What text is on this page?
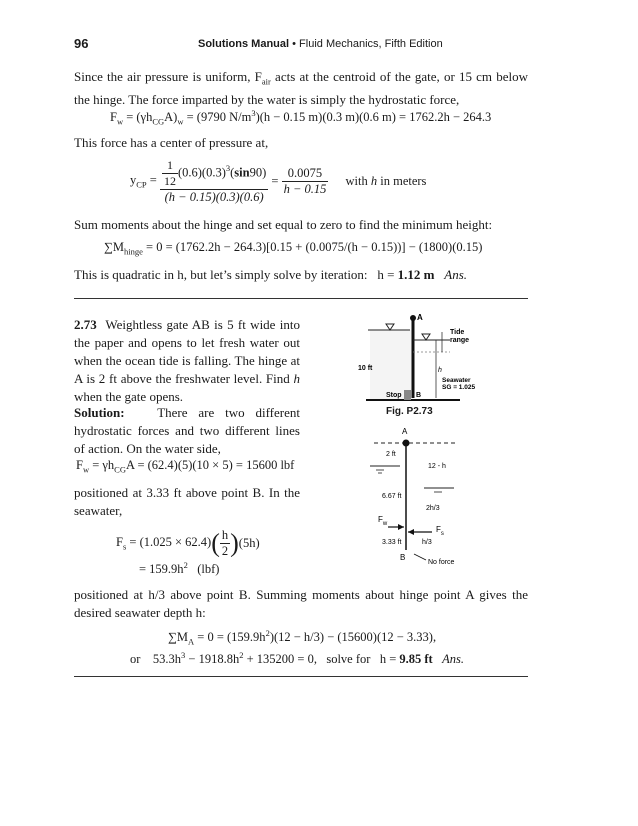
96	Solutions Manual • Fluid Mechanics, Fifth Edition
Since the air pressure is uniform, $F_{air}$ acts at the centroid of the gate, or 15 cm below the hinge. The force imparted by the water is simply the hydrostatic force,
$F_w = (\gamma h_{CG}A)_w = (9790$ $N/m^3)(h - 0.15$ m)(0.3 m)(0.6 m) = 1762.2h − 264.3
This force has a center of pressure at,
$y_{CP} = \frac{\frac{1}{12} (0.6)(0.3)^3(\sin 90)}{(h - 0.15)(0.3)(0.6)} = \frac{0.0075}{h - 0.15}$ with h in meters
Sum moments about the hinge and set equal to zero to find the minimum height:
$\sum M_{hinge} = 0 = (1762.2h - 264.3)[0.15 + (0.0075/(h - 0.15))] - (1800)(0.15)$
This is quadratic in h, but let’s simply solve by iteration: h = 1.12 m Ans.
2.73 Weightless gate AB is 5 ft wide into the paper and opens to let fresh water out when the ocean tide is falling. The hinge at A is 2 ft above the freshwater level. Find h when the gate opens.
Solution:	There are two different hydrostatic forces and two different lines of action. On the water side,
$F_w = \gamma h_{CG}A = (62.4)(5)(10 \times 5) = 15600$ lbf
positioned at 3.33 ft above point B. In the seawater,
$F_s = (1.025 \times 62.4)( \frac{h}{2} )(5h)$
= $159.9h^2$ (lbf)
positioned at h/3 above point B. Summing moments about hinge point A gives the desired seawater depth h:
$\sum M_A = 0 = (159.9h^2)(12 - h/3) - (15600)(12 - 3.33)$,
or $53.3h^3 - 1918.8h^2 + 135200 = 0$, solve for h = 9.85 ft Ans.
A
h
Tide
range
10 ft
Seawater
SG = 1.025
Stop B
Fig. P2.73
A
2 ft
12 - h
6.67 ft
2h/3
$F_w$
$F_s$
3.33 ft	h/3
B
No force
